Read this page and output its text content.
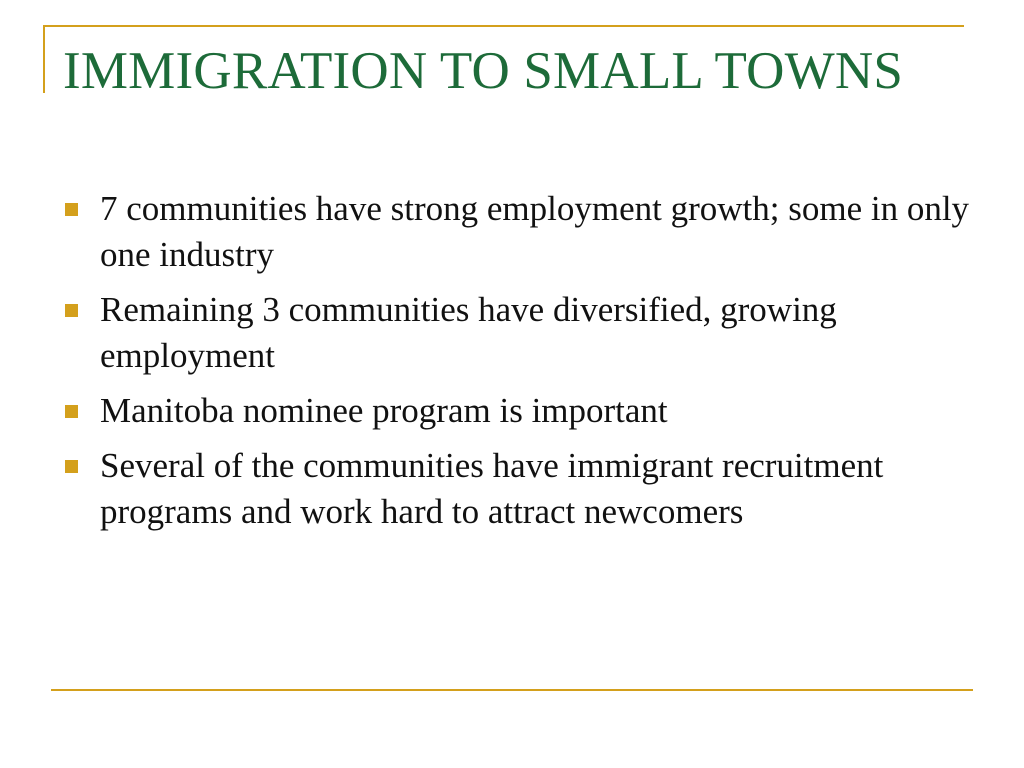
IMMIGRATION TO SMALL TOWNS
7 communities have strong employment growth; some in only one industry
Remaining 3 communities have diversified, growing employment
Manitoba nominee program is important
Several of the communities have immigrant recruitment programs and work hard to attract newcomers
